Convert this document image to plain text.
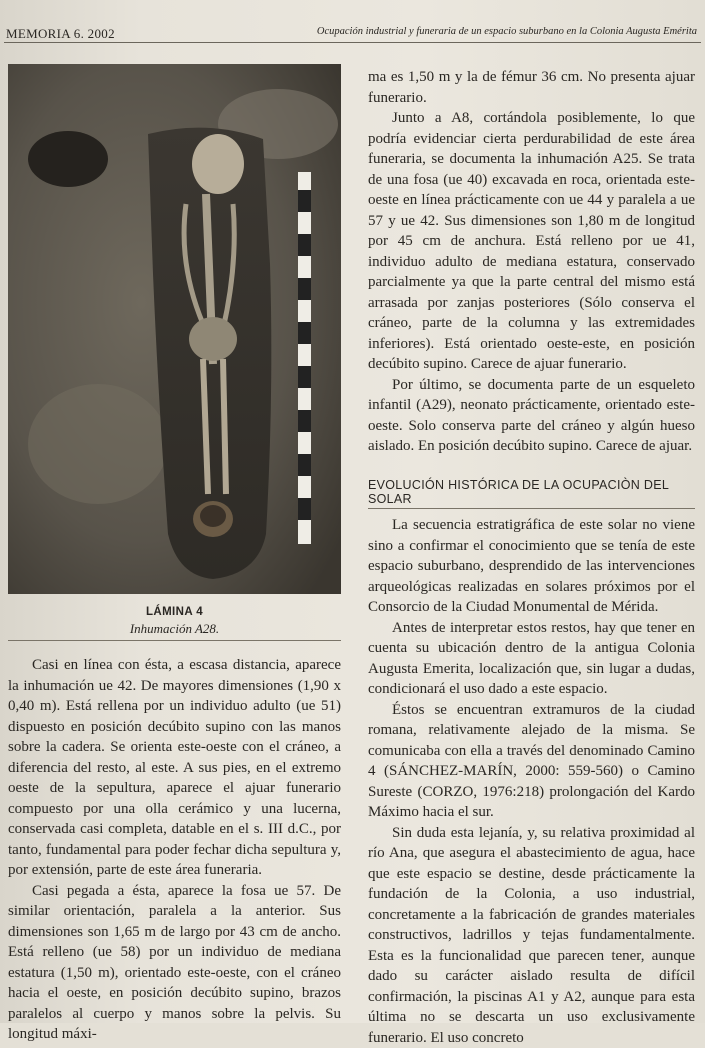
MEMORIA 6. 2002	Ocupación industrial y funeraria de un espacio suburbano en la Colonia Augusta Emérita
LÁMINA 4
Inhumación A28.

Casi en línea con ésta, a escasa distancia, aparece la inhumación ue 42. De mayores dimensiones (1,90 x 0,40 m). Está rellena por un individuo adulto (ue 51) dispuesto en posición decúbito supino con las manos sobre la cadera. Se orienta este-oeste con el cráneo, a diferencia del resto, al este. A sus pies, en el extremo oeste de la sepultura, aparece el ajuar funerario compuesto por una olla cerámico y una lucerna, conservada casi completa, datable en el s. III d.C., por tanto, fundamental para poder fechar dicha sepultura y, por extensión, parte de este área funeraria.

Casi pegada a ésta, aparece la fosa ue 57. De similar orientación, paralela a la anterior. Sus dimensiones son 1,65 m de largo por 43 cm de ancho. Está relleno (ue 58) por un individuo de mediana estatura (1,50 m), orientado este-oeste, con el cráneo hacia el oeste, en posición decúbito supino, brazos paralelos al cuerpo y manos sobre la pelvis. Su longitud máxi-

ma es 1,50 m y la de fémur 36 cm. No presenta ajuar funerario.

Junto a A8, cortándola posiblemente, lo que podría evidenciar cierta perdurabilidad de este área funeraria, se documenta la inhumación A25. Se trata de una fosa (ue 40) excavada en roca, orientada este-oeste en línea prácticamente con ue 44 y paralela a ue 57 y ue 42. Sus dimensiones son 1,80 m de longitud por 45 cm de anchura. Está relleno por ue 41, individuo adulto de mediana estatura, conservado parcialmente ya que la parte central del mismo está arrasada por zanjas posteriores (Sólo conserva el cráneo, parte de la columna y las extremidades inferiores). Está orientado oeste-este, en posición decúbito supino. Carece de ajuar funerario.

Por último, se documenta parte de un esqueleto infantil (A29), neonato prácticamente, orientado este-oeste. Solo conserva parte del cráneo y algún hueso aislado. En posición decúbito supino. Carece de ajuar.

EVOLUCIÓN HISTÓRICA DE LA OCUPACIÒN DEL SOLAR

La secuencia estratigráfica de este solar no viene sino a confirmar el conocimiento que se tenía de este espacio suburbano, desprendido de las intervenciones arqueológicas realizadas en solares próximos por el Consorcio de la Ciudad Monumental de Mérida.

Antes de interpretar estos restos, hay que tener en cuenta su ubicación dentro de la antigua Colonia Augusta Emerita, localización que, sin lugar a dudas, condicionará el uso dado a este espacio.

Éstos se encuentran extramuros de la ciudad romana, relativamente alejado de la misma. Se comunicaba con ella a través del denominado Camino 4 (SÁNCHEZ-MARÍN, 2000: 559-560) o Camino Sureste (CORZO, 1976:218) prolongación del Kardo Máximo hacia el sur.

Sin duda esta lejanía, y, su relativa proximidad al río Ana, que asegura el abastecimiento de agua, hace que este espacio se destine, desde prácticamente la fundación de la Colonia, a uso industrial, concretamente a la fabricación de grandes materiales constructivos, ladrillos y tejas fundamentalmente. Esta es la funcionalidad que parecen tener, aunque dado su carácter aislado resulta de difícil confirmación, la piscinas A1 y A2, aunque para esta última no se descarta un uso exclusivamente funerario. El uso concreto
